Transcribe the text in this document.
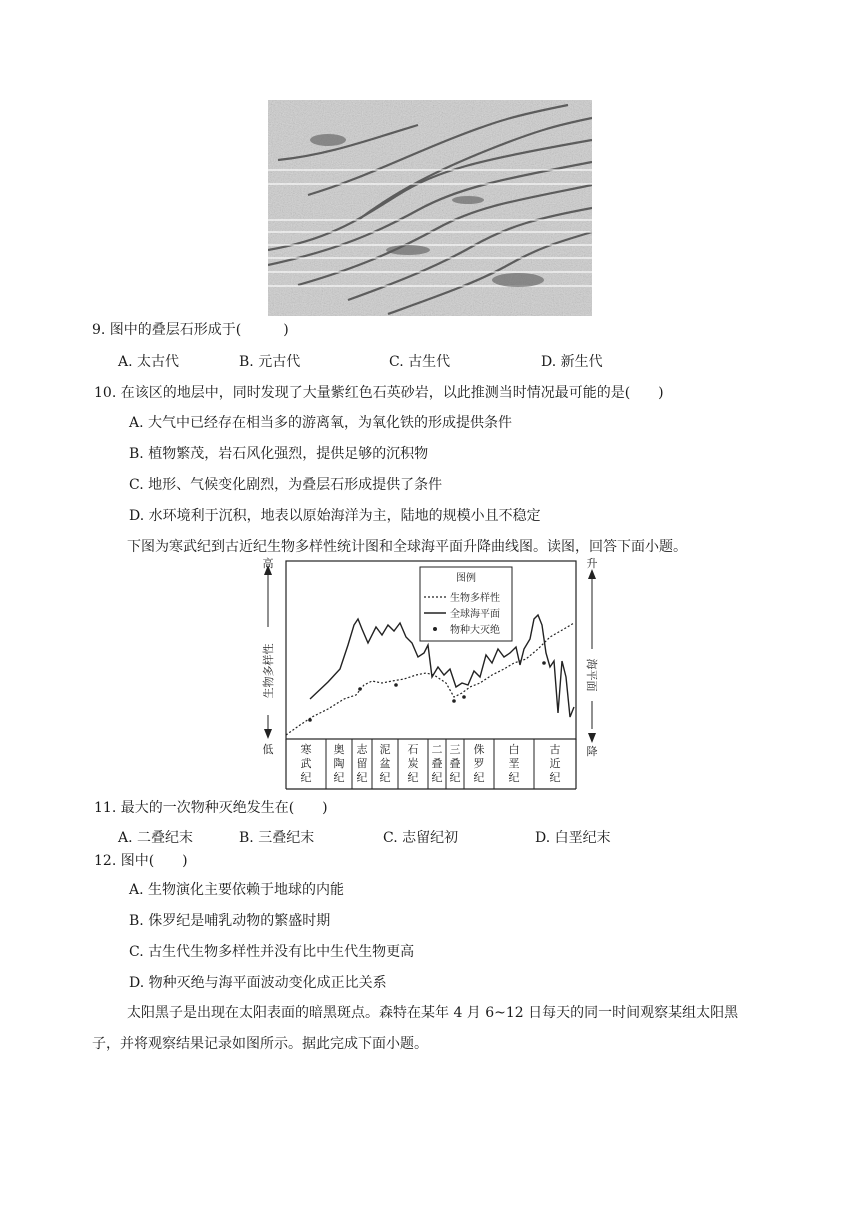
9. 图中的叠层石形成于(　　　)
A. 太古代	B. 元古代	C. 古生代	D. 新生代
10. 在该区的地层中，同时发现了大量紫红色石英砂岩，以此推测当时情况最可能的是(　　)
A. 大气中已经存在相当多的游离氧，为氧化铁的形成提供条件
B. 植物繁茂，岩石风化强烈，提供足够的沉积物
C. 地形、气候变化剧烈，为叠层石形成提供了条件
D. 水环境利于沉积，地表以原始海洋为主，陆地的规模小且不稳定
下图为寒武纪到古近纪生物多样性统计图和全球海平面升降曲线图。读图，回答下面小题。
高
低
生物多样性
升
降
海平面
图例
生物多样性
全球海平面
物种大灭绝
寒武纪
奥陶纪
志留纪
泥盆纪
石炭纪
二叠纪
三叠纪
侏罗纪
白垩纪
古近纪
11. 最大的一次物种灭绝发生在(　　)
A. 二叠纪末	B. 三叠纪末	C. 志留纪初	D. 白垩纪末
12. 图中(　　)
A. 生物演化主要依赖于地球的内能
B. 侏罗纪是哺乳动物的繁盛时期
C. 古生代生物多样性并没有比中生代生物更高
D. 物种灭绝与海平面波动变化成正比关系
太阳黑子是出现在太阳表面的暗黑斑点。森特在某年 4 月 6~12 日每天的同一时间观察某组太阳黑
子，并将观察结果记录如图所示。据此完成下面小题。
